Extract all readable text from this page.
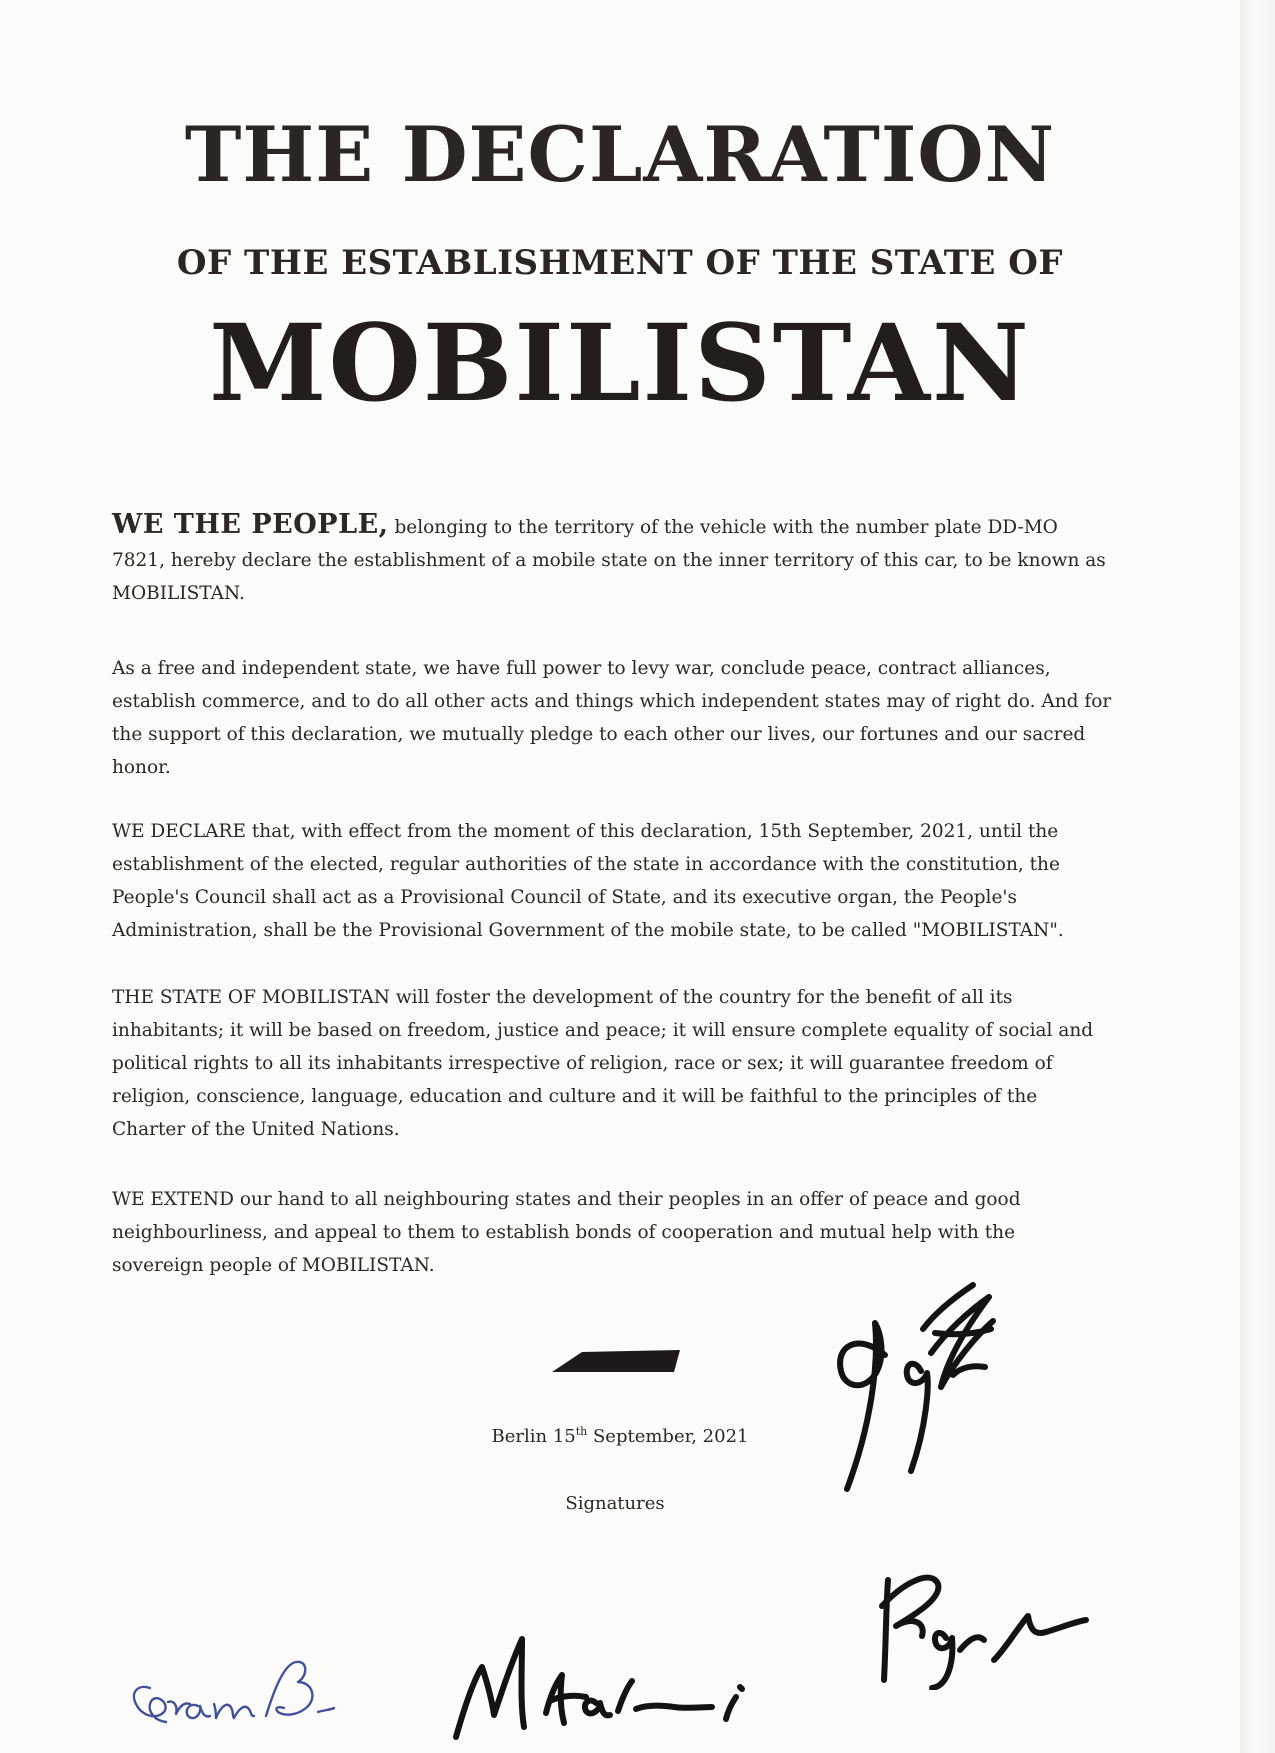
THE DECLARATION
OF THE ESTABLISHMENT OF THE STATE OF
MOBILISTAN

WE THE PEOPLE, belonging to the territory of the vehicle with the number plate DD-MO 7821, hereby declare the establishment of a mobile state on the inner territory of this car, to be known as MOBILISTAN.

As a free and independent state, we have full power to levy war, conclude peace, contract alliances, establish commerce, and to do all other acts and things which independent states may of right do. And for the support of this declaration, we mutually pledge to each other our lives, our fortunes and our sacred honor.

WE DECLARE that, with effect from the moment of this declaration, 15th September, 2021, until the establishment of the elected, regular authorities of the state in accordance with the constitution, the People's Council shall act as a Provisional Council of State, and its executive organ, the People's Administration, shall be the Provisional Government of the mobile state, to be called "MOBILISTAN".

THE STATE OF MOBILISTAN will foster the development of the country for the benefit of all its inhabitants; it will be based on freedom, justice and peace; it will ensure complete equality of social and political rights to all its inhabitants irrespective of religion, race or sex; it will guarantee freedom of religion, conscience, language, education and culture and it will be faithful to the principles of the Charter of the United Nations.

WE EXTEND our hand to all neighbouring states and their peoples in an offer of peace and good neighbourliness, and appeal to them to establish bonds of cooperation and mutual help with the sovereign people of MOBILISTAN.

Berlin 15th September, 2021

Signatures
